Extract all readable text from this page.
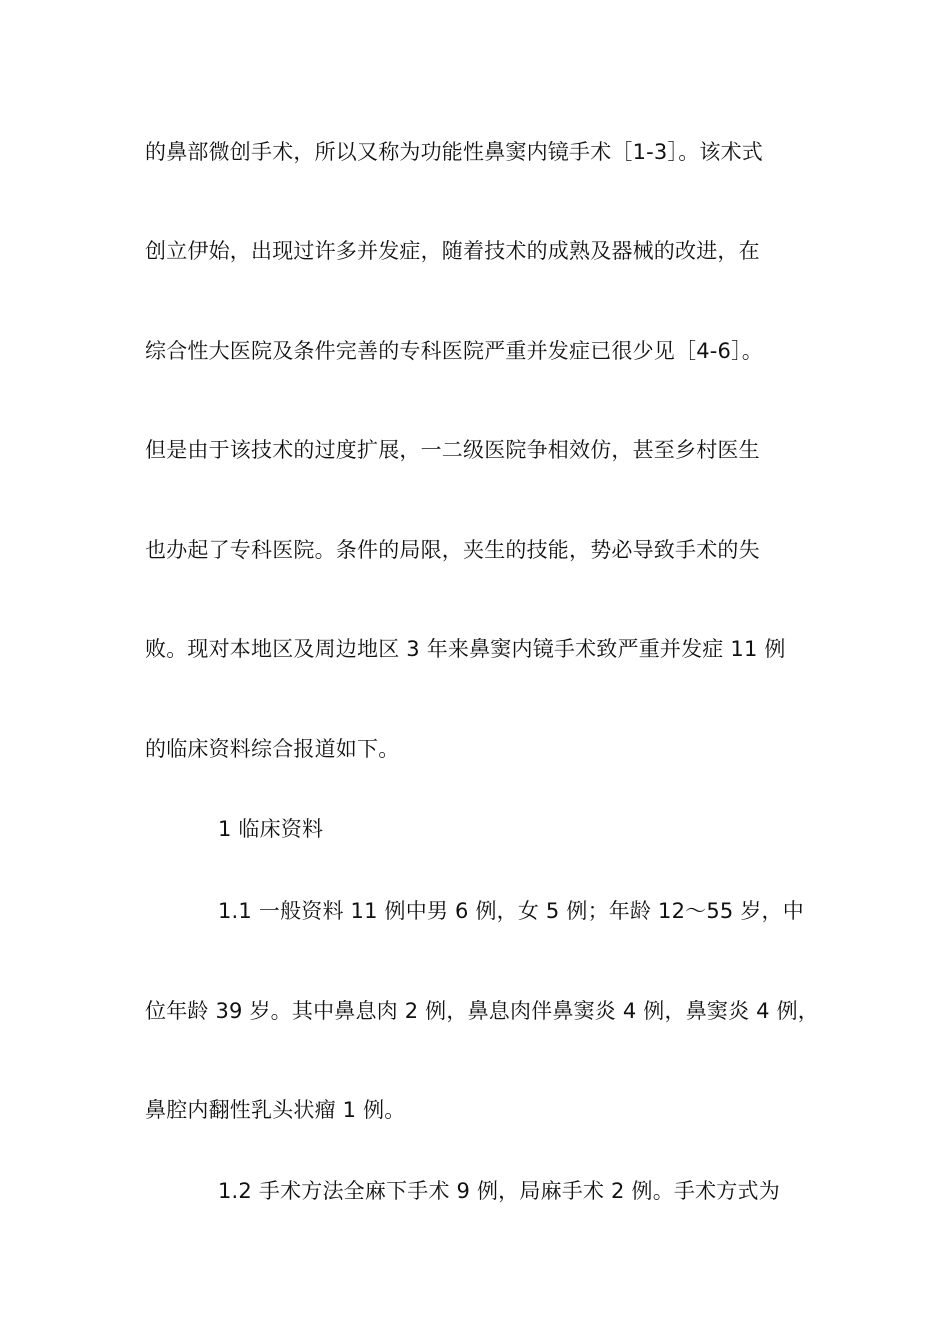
的鼻部微创手术，所以又称为功能性鼻窦内镜手术［1-3］。该术式
创立伊始，出现过许多并发症，随着技术的成熟及器械的改进，在
综合性大医院及条件完善的专科医院严重并发症已很少见［4-6］。
但是由于该技术的过度扩展，一二级医院争相效仿，甚至乡村医生
也办起了专科医院。条件的局限，夹生的技能，势必导致手术的失
败。现对本地区及周边地区 3 年来鼻窦内镜手术致严重并发症 11 例
的临床资料综合报道如下。
1 临床资料
1.1 一般资料 11 例中男 6 例，女 5 例；年龄 12～55 岁，中
位年龄 39 岁。其中鼻息肉 2 例，鼻息肉伴鼻窦炎 4 例，鼻窦炎 4 例，
鼻腔内翻性乳头状瘤 1 例。
1.2 手术方法全麻下手术 9 例，局麻手术 2 例。手术方式为
